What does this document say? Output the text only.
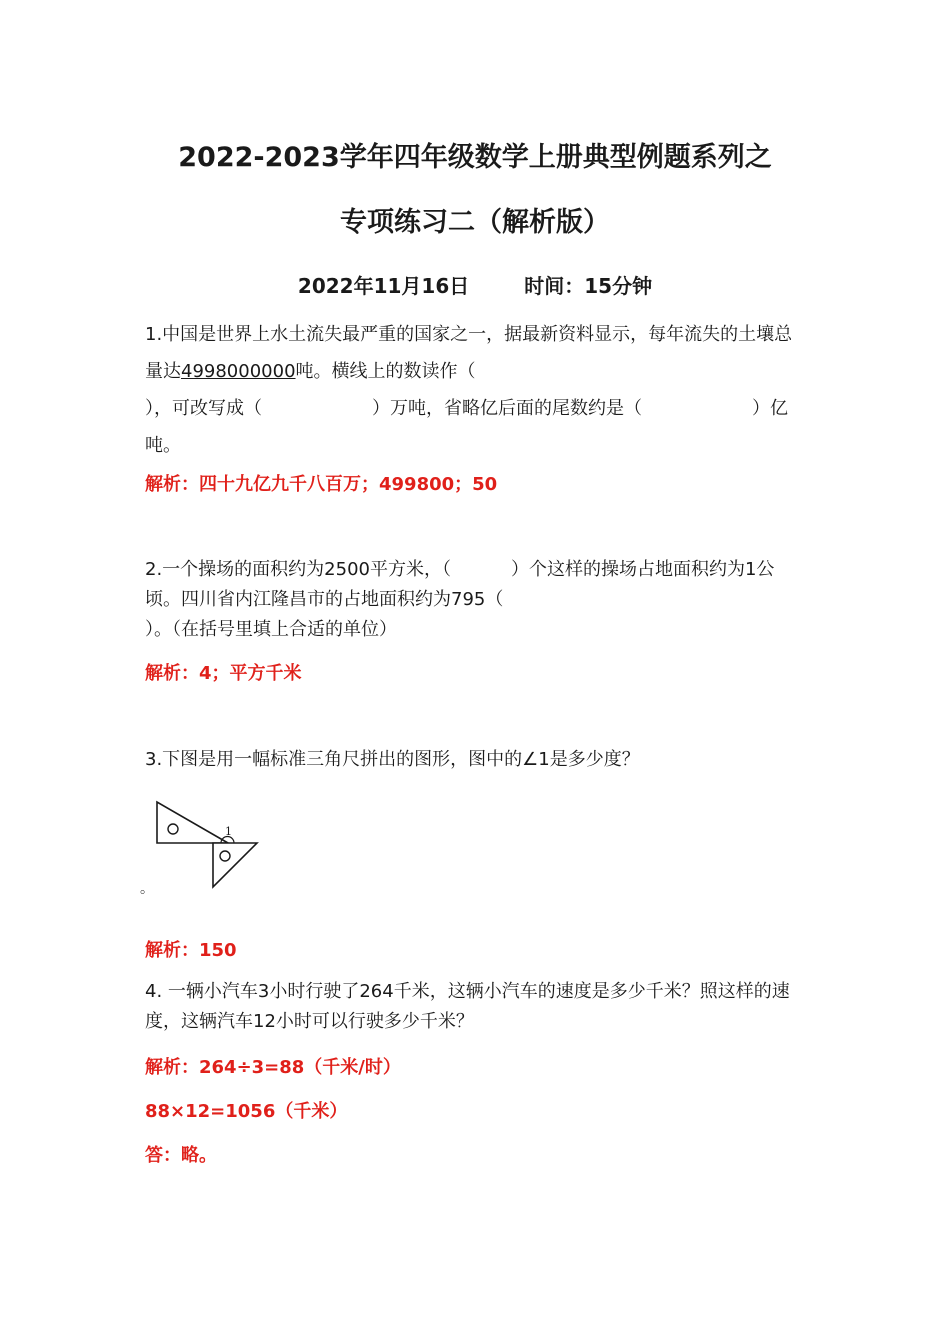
2022-2023学年四年级数学上册典型例题系列之
专项练习二（解析版）
2022年11月16日	时间：15分钟
1.中国是世界上水土流失最严重的国家之一，据最新资料显示，每年流失的土壤总量达4998000000吨。横线上的数读作（
），可改写成（	）万吨，省略亿后面的尾数约是（	）亿吨。
解析：四十九亿九千八百万；499800；50
2.一个操场的面积约为2500平方米，（	）个这样的操场占地面积约为1公顷。四川省内江隆昌市的占地面积约为795（）。（在括号里填上合适的单位）
解析：4；平方千米
3.下图是用一幅标准三角尺拼出的图形，图中的∠1是多少度？
1
。
解析：150
4. 一辆小汽车3小时行驶了264千米，这辆小汽车的速度是多少千米？照这样的速度，这辆汽车12小时可以行驶多少千米？
解析：264÷3=88（千米/时）
88×12=1056（千米）
答：略。
